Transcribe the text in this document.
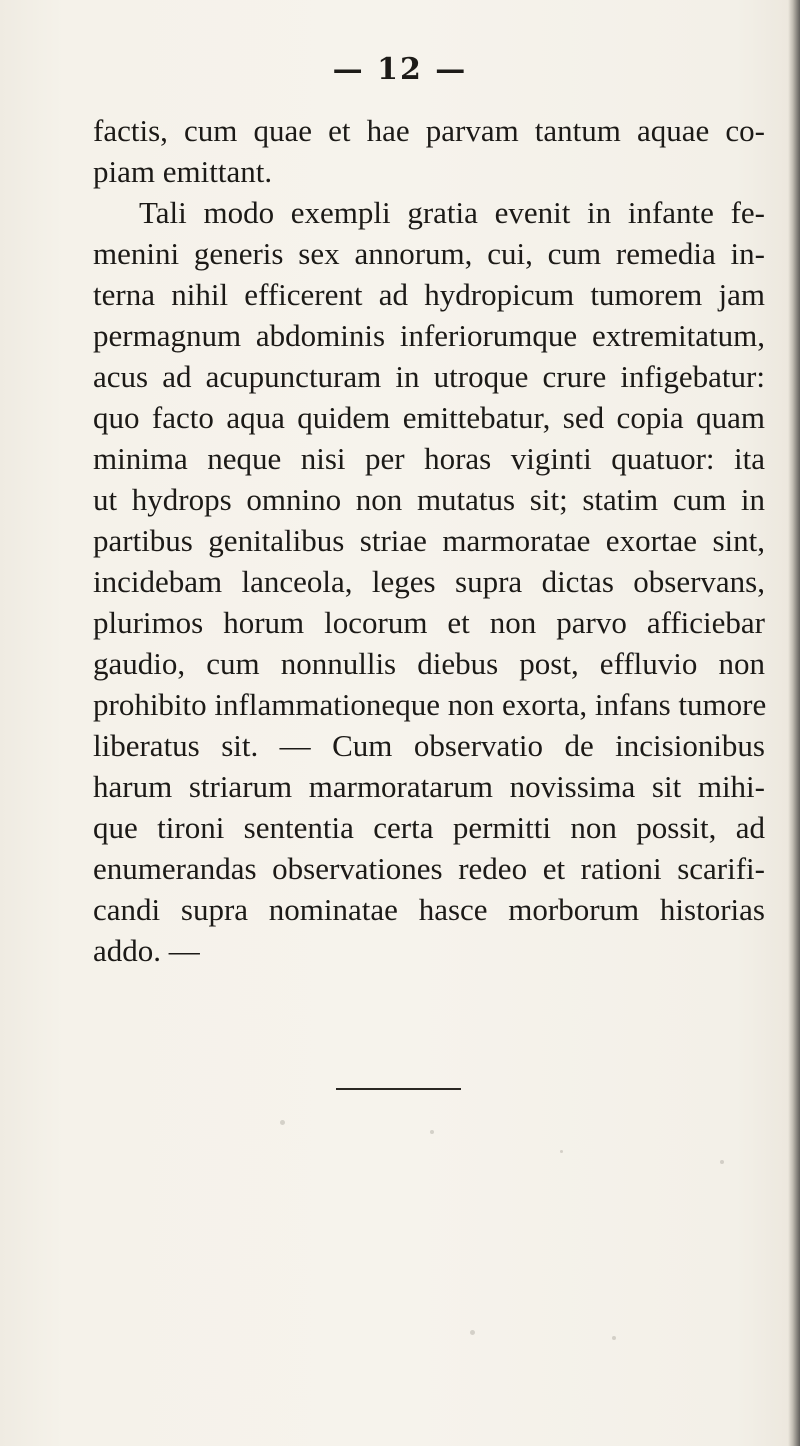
— 12 —
factis, cum quae et hae parvam tantum aquae co-
piam emittant.
Tali modo exempli gratia evenit in infante fe-
menini generis sex annorum, cui, cum remedia in-
terna nihil efficerent ad hydropicum tumorem jam
permagnum abdominis inferiorumque extremitatum,
acus ad acupuncturam in utroque crure infigebatur:
quo facto aqua quidem emittebatur, sed copia quam
minima neque nisi per horas viginti quatuor: ita
ut hydrops omnino non mutatus sit; statim cum in
partibus genitalibus striae marmoratae exortae sint,
incidebam lanceola, leges supra dictas observans,
plurimos horum locorum et non parvo afficiebar
gaudio, cum nonnullis diebus post, effluvio non
prohibito inflammationeque non exorta, infans tumore
liberatus sit. — Cum observatio de incisionibus
harum striarum marmoratarum novissima sit mihi-
que tironi sententia certa permitti non possit, ad
enumerandas observationes redeo et rationi scarifi-
candi supra nominatae hasce morborum historias
addo. —
